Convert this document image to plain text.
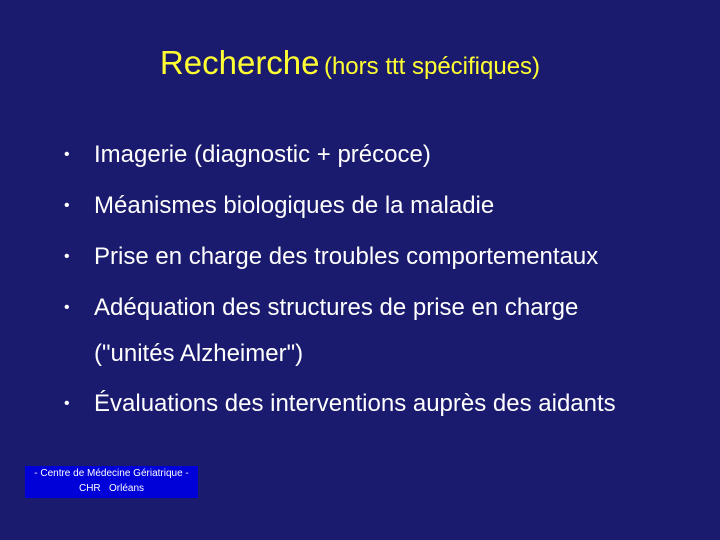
Recherche (hors ttt spécifiques)
• Imagerie (diagnostic + précoce)
• Méanismes biologiques de la maladie
• Prise en charge des troubles comportementaux
• Adéquation des structures de prise en charge
("unités Alzheimer")
• Évaluations des interventions auprès des aidants
- Centre de Médecine Gériatrique -
CHR   Orléans
